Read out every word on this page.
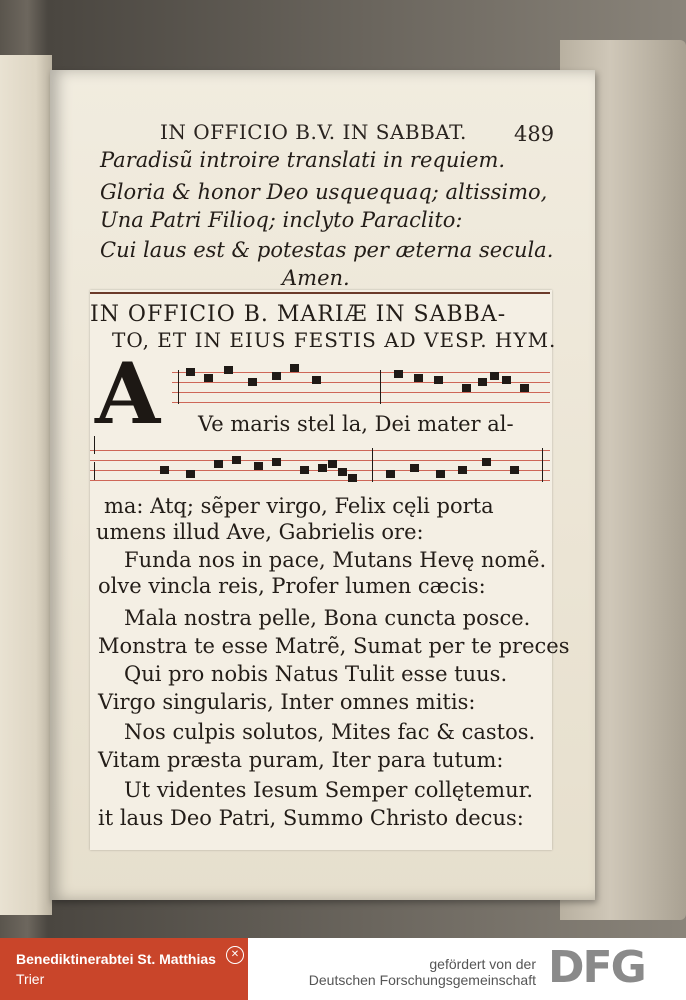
IN OFFICIO B.V. IN SABBAT. 489
Paradisũ introire translati in requiem.
Gloria & honor Deo usquequaq; altissimo,
Una Patri Filioq; inclyto Paraclito:
Cui laus est & potestas per æterna secula.
Amen.
IN OFFICIO B. MARIÆ IN SABBA-
TO, ET IN EIUS FESTIS AD VESP. HYM.
A Ve maris stel la, Dei mater al-
ma: Atq; sẽper virgo, Felix cęli porta
umens illud Ave, Gabrielis ore:
Funda nos in pace, Mutans Hevę nomẽ.
olve vincla reis, Profer lumen cæcis:
Mala nostra pelle, Bona cuncta posce.
Monstra te esse Matrẽ, Sumat per te preces
Qui pro nobis Natus Tulit esse tuus.
Virgo singularis, Inter omnes mitis:
Nos culpis solutos, Mites fac & castos.
Vitam præsta puram, Iter para tutum:
Ut videntes Iesum Semper collętemur.
it laus Deo Patri, Summo Christo decus:
Benediktinerabtei St. Matthias
Trier
✕
gefördert von der
Deutschen Forschungsgemeinschaft DFG
